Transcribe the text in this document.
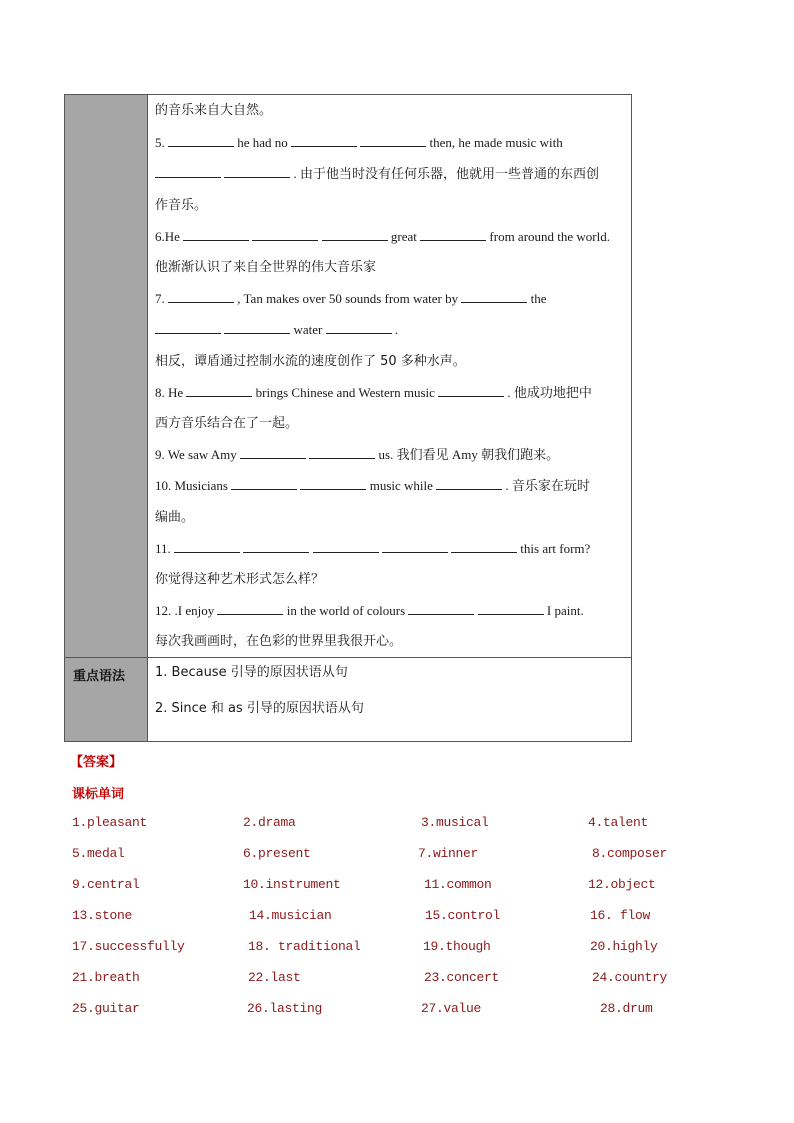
重点语法
的音乐来自大自然。
5.	he had no	then, he made music with
. 由于他当时没有任何乐器，他就用一些普通的东西创
作音乐。
6.He	great	from around the world.
他渐渐认识了来自全世界的伟大音乐家
7.	, Tan makes over 50 sounds from water by	the
water	.
相反，谭盾通过控制水流的速度创作了 50 多种水声。
8. He	brings Chinese and Western music	. 他成功地把中
西方音乐结合在了一起。
9. We saw Amy	us. 我们看见 Amy 朝我们跑来。
10. Musicians	music while	. 音乐家在玩时
编曲。
11.	this art form?
你觉得这种艺术形式怎么样？
12. .I enjoy	in the world of colours	I paint.
每次我画画时，在色彩的世界里我很开心。
1. Because 引导的原因状语从句
2. Since 和 as 引导的原因状语从句
【答案】
课标单词
1.pleasant	2.drama	3.musical	4.talent
5.medal	6.present	7.winner	8.composer
9.central	10.instrument	11.common	12.object
13.stone	14.musician	15.control	16. flow
17.successfully	18. traditional	19.though	20.highly
21.breath	22.last	23.concert	24.country
25.guitar	26.lasting	27.value	28.drum
